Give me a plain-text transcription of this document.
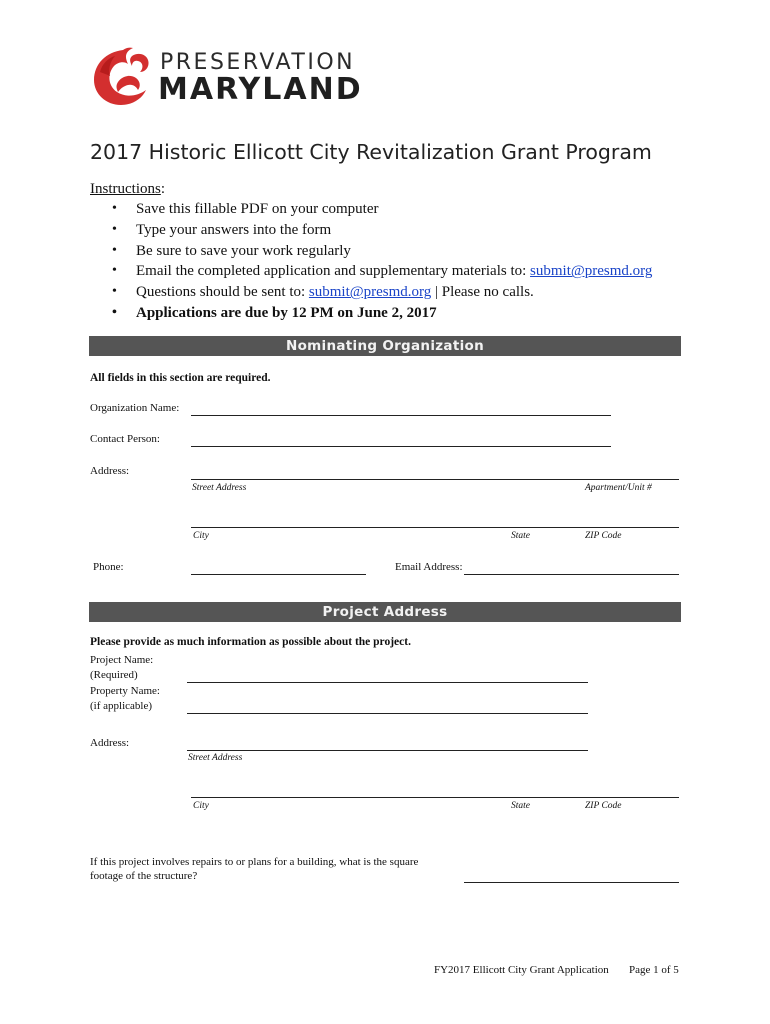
PRESERVATION
MARYLAND
2017 Historic Ellicott City Revitalization Grant Program
Instructions:
• Save this fillable PDF on your computer
• Type your answers into the form
• Be sure to save your work regularly
• Email the completed application and supplementary materials to: submit@presmd.org
• Questions should be sent to: submit@presmd.org | Please no calls.
• Applications are due by 12 PM on June 2, 2017
Nominating Organization
All fields in this section are required.
Organization Name:
Contact Person:
Address:
Street Address	Apartment/Unit #
City	State	ZIP Code
Phone:	Email Address:
Project Address
Please provide as much information as possible about the project.
Project Name:
(Required)
Property Name:
(if applicable)
Address:
Street Address
City	State	ZIP Code
If this project involves repairs to or plans for a building, what is the square
footage of the structure?
FY2017 Ellicott City Grant Application Page 1 of 5
